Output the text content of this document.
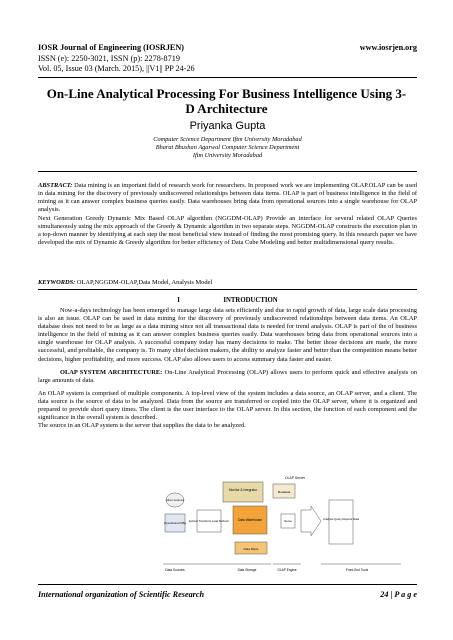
IOSR Journal of Engineering (IOSRJEN)	www.iosrjen.org
ISSN (e): 2250-3021, ISSN (p): 2278-8719
Vol. 05, Issue 03 (March. 2015), ||V1|| PP 24-26
On-Line Analytical Processing For Business Intelligence Using 3-
D Architecture
Priyanka Gupta
Computer Science Department Iftm University Moradabad
Bharat Bhushan Agarwal Computer Science Department
Iftm University Moradabad

ABSTRACT: Data mining is an important field of research work for researchers. In proposed work we are implementing OLAP.OLAP can be used in data mining for the discovery of previously undiscovered relationships between data items. OLAP is part of business intelligence in the field of mining as it can answer complex business queries easily. Data warehouses bring data from operational sources into a single warehouse for OLAP analysis.

Next Generation Greedy Dynamic Mix Based OLAP algorithm (NGGDM-OLAP) Provide an interface for several related OLAP Queries simultaneously using the mix approach of the Greedy & Dynamic algorithm in two separate steps. NGGDM-OLAP constructs the execution plan in a top-down manner by identifying at each step the most beneficial view instead of finding the most promising query. In this research paper we have developed the mix of Dynamic & Greedy algorithm for better efficiency of Data Cube Modeling and better multidimensional query results.

KEYWORDS: OLAP,NGGDM-OLAP,Data Model, Analysis Model
I	INTRODUCTION

Now-a-days technology has been emerged to manage large data sets efficiently and due to rapid growth of data, large scale data processing is also an issue. OLAP can be used in data mining for the discovery of previously undiscovered relationships between data items. An OLAP database does not need to be as large as a data mining since not all transactional data is needed for trend analysis. OLAP is part of the of business intelligence in the field of mining as it can answer complex business queries easily. Data warehouses bring data from operational sources into a single warehouse for OLAP analysis. A successful company today has many decisions to make. The better those decisions are made, the more successful, and profitable, the company is. To many chief decision makers, the ability to analyze faster and better than the competition means better decisions, higher profitability, and more success. OLAP also allows users to access summary data faster and easier.

OLAP SYSTEM ARCHITECTURE: On-Line Analytical Processing (OLAP) allows users to perform quick and effective analysis on large amounts of data.

An OLAP system is comprised of multiple components. A top-level view of the system includes a data source, an OLAP server, and a client. The data source is the source of data to be analyzed. Data from the source are transferred or copied into the OLAP server, where it is organized and prepared to provide short query times. The client is the user interface to the OLAP server. In this section, the function of each component and the significance in the overall system is described.

The source in an OLAP system is the server that supplies the data to be analyzed.

OLAP Server
Monitor & Integrator	Metadata
other sources
Operational DBs Extract Transform Load Refresh	Data Warehouse	Serve	Analysis Query Reports Data
Data Marts
Data Sources	Data Storage	OLAP Engine	Front-End Tools
International organization of Scientific Research	24 | P a g e
